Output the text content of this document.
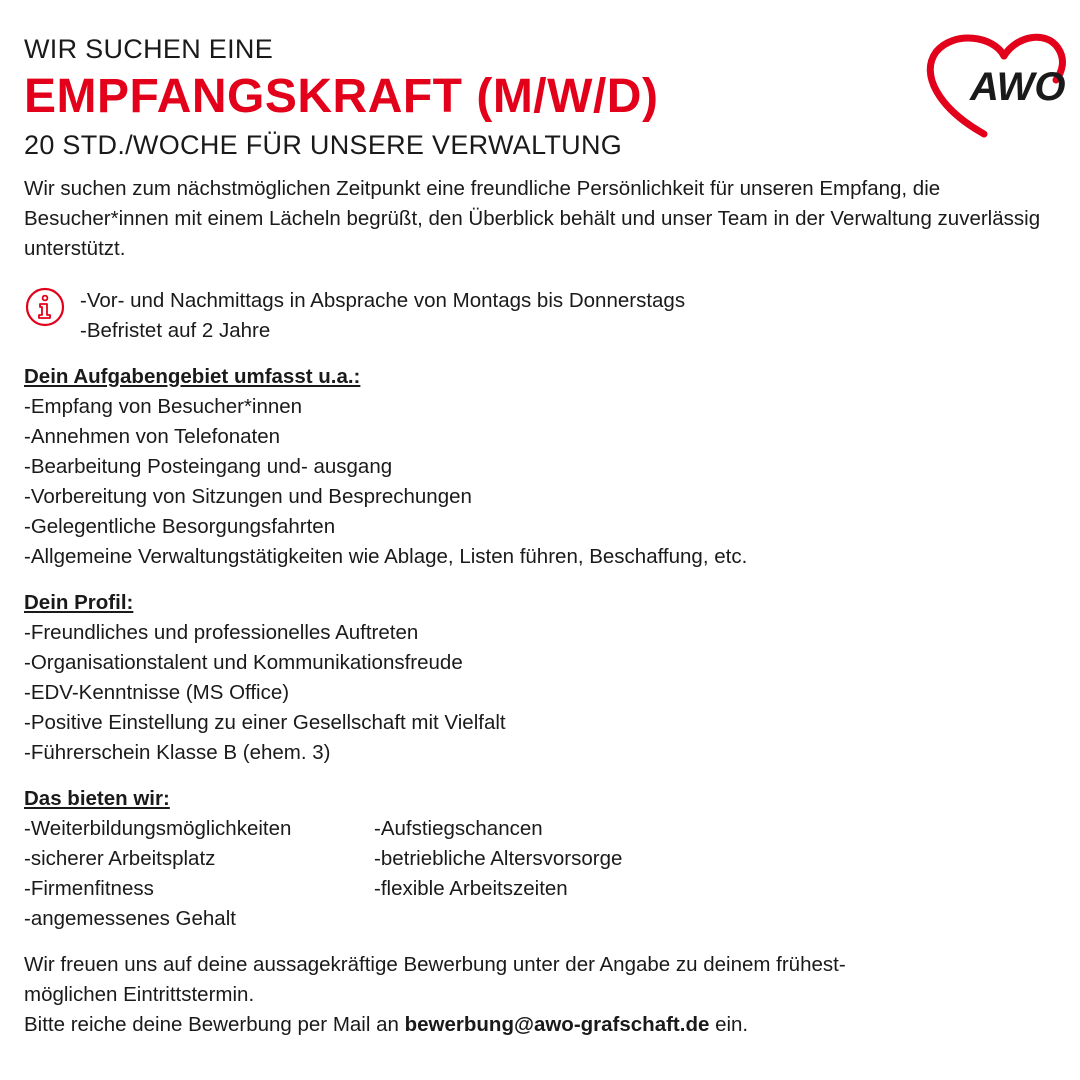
AWO

WIR SUCHEN EINE

EMPFANGSKRAFT (M/W/D)

20 STD./WOCHE FÜR UNSERE VERWALTUNG

Wir suchen zum nächstmöglichen Zeitpunkt eine freundliche Persönlichkeit für unseren Empfang, die Besucher*innen mit einem Lächeln begrüßt, den Überblick behält und unser Team in der Verwaltung zuverlässig unterstützt.

-Vor- und Nachmittags in Absprache von Montags bis Donnerstags
-Befristet auf 2 Jahre
Dein Aufgabengebiet umfasst u.a.:
-Empfang von Besucher*innen
-Annehmen von Telefonaten
-Bearbeitung Posteingang und- ausgang
-Vorbereitung von Sitzungen und Besprechungen
-Gelegentliche Besorgungsfahrten
-Allgemeine Verwaltungstätigkeiten wie Ablage, Listen führen, Beschaffung, etc.
Dein Profil:
-Freundliches und professionelles Auftreten
-Organisationstalent und Kommunikationsfreude
-EDV-Kenntnisse (MS Office)
-Positive Einstellung zu einer Gesellschaft mit Vielfalt
-Führerschein Klasse B (ehem. 3)
Das bieten wir:
-Weiterbildungsmöglichkeiten	-Aufstiegschancen
-sicherer Arbeitsplatz	-betriebliche Altersvorsorge
-Firmenfitness	-flexible Arbeitszeiten
-angemessenes Gehalt
Wir freuen uns auf deine aussagekräftige Bewerbung unter der Angabe zu deinem frühest-
möglichen Eintrittstermin.
Bitte reiche deine Bewerbung per Mail an bewerbung@awo-grafschaft.de ein.
